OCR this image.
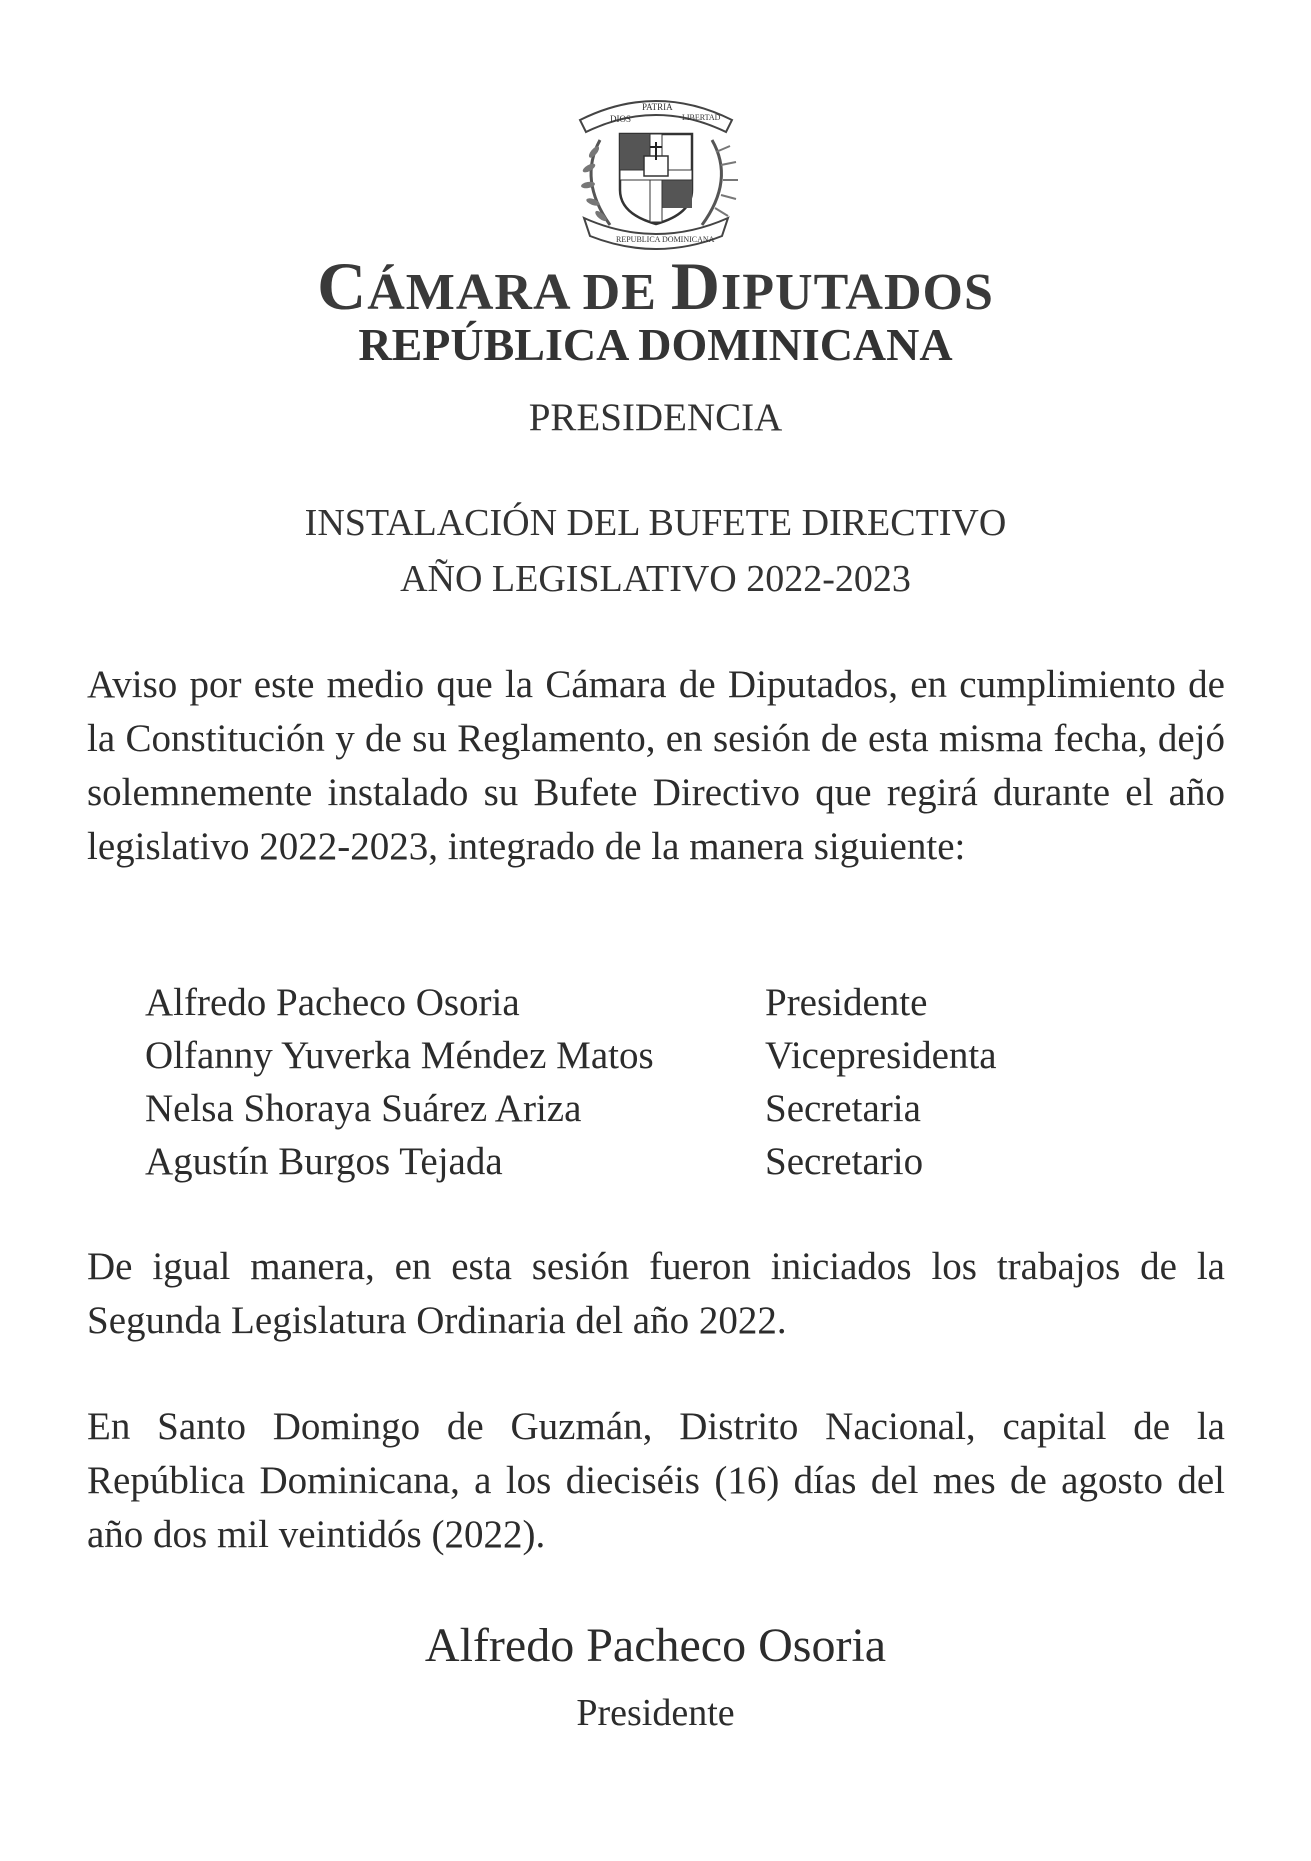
DIOS
PATRIA
LIBERTAD
REPUBLICA DOMINICANA
CÁMARA DE DIPUTADOS
REPÚBLICA DOMINICANA
PRESIDENCIA
INSTALACIÓN DEL BUFETE DIRECTIVO
AÑO LEGISLATIVO 2022-2023
Aviso por este medio que la Cámara de Diputados, en cumplimiento de la Constitución y de su Reglamento, en sesión de esta misma fecha, dejó solemnemente instalado su Bufete Directivo que regirá durante el año legislativo 2022-2023, integrado de la manera siguiente:
Alfredo Pacheco Osoria	Presidente
Olfanny Yuverka Méndez Matos	Vicepresidenta
Nelsa Shoraya Suárez Ariza	Secretaria
Agustín Burgos Tejada	Secretario
De igual manera, en esta sesión fueron iniciados los trabajos de la Segunda Legislatura Ordinaria del año 2022.
En Santo Domingo de Guzmán, Distrito Nacional, capital de la República Dominicana, a los dieciséis (16) días del mes de agosto del año dos mil veintidós (2022).
Alfredo Pacheco Osoria
Presidente
